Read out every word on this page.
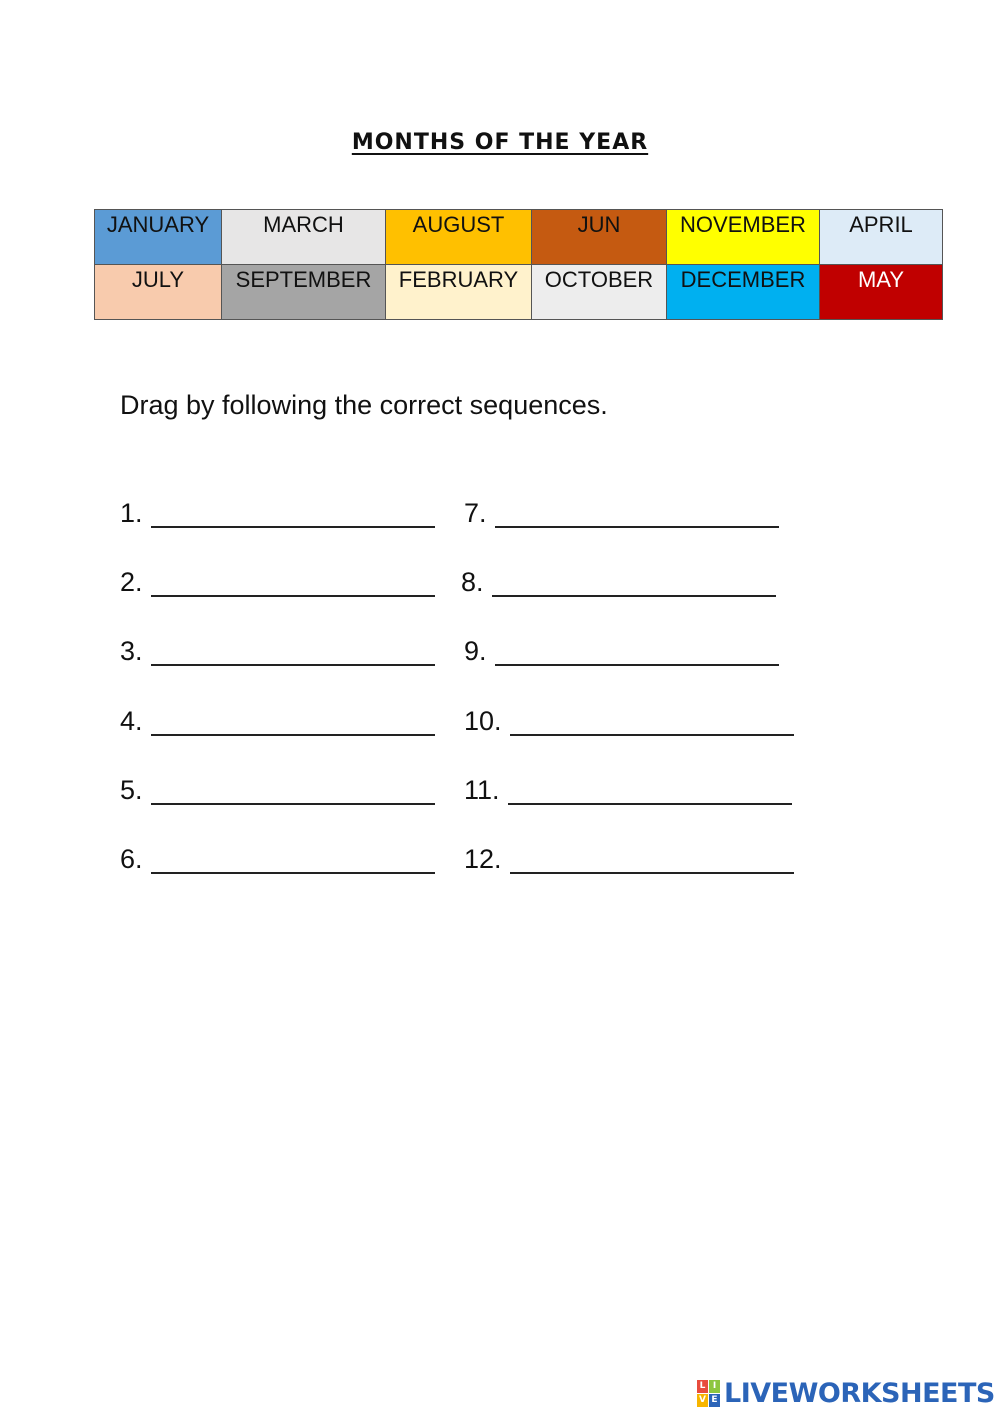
MONTHS OF THE YEAR
JANUARY	MARCH	AUGUST	JUN	NOVEMBER	APRIL
JULY	SEPTEMBER	FEBRUARY	OCTOBER	DECEMBER	MAY
Drag by following the correct sequences.
1.
2.
3.
4.
5.
6.
7.
8.
9.
10.
11.
12.
L I
V E LIVEWORKSHEETS
